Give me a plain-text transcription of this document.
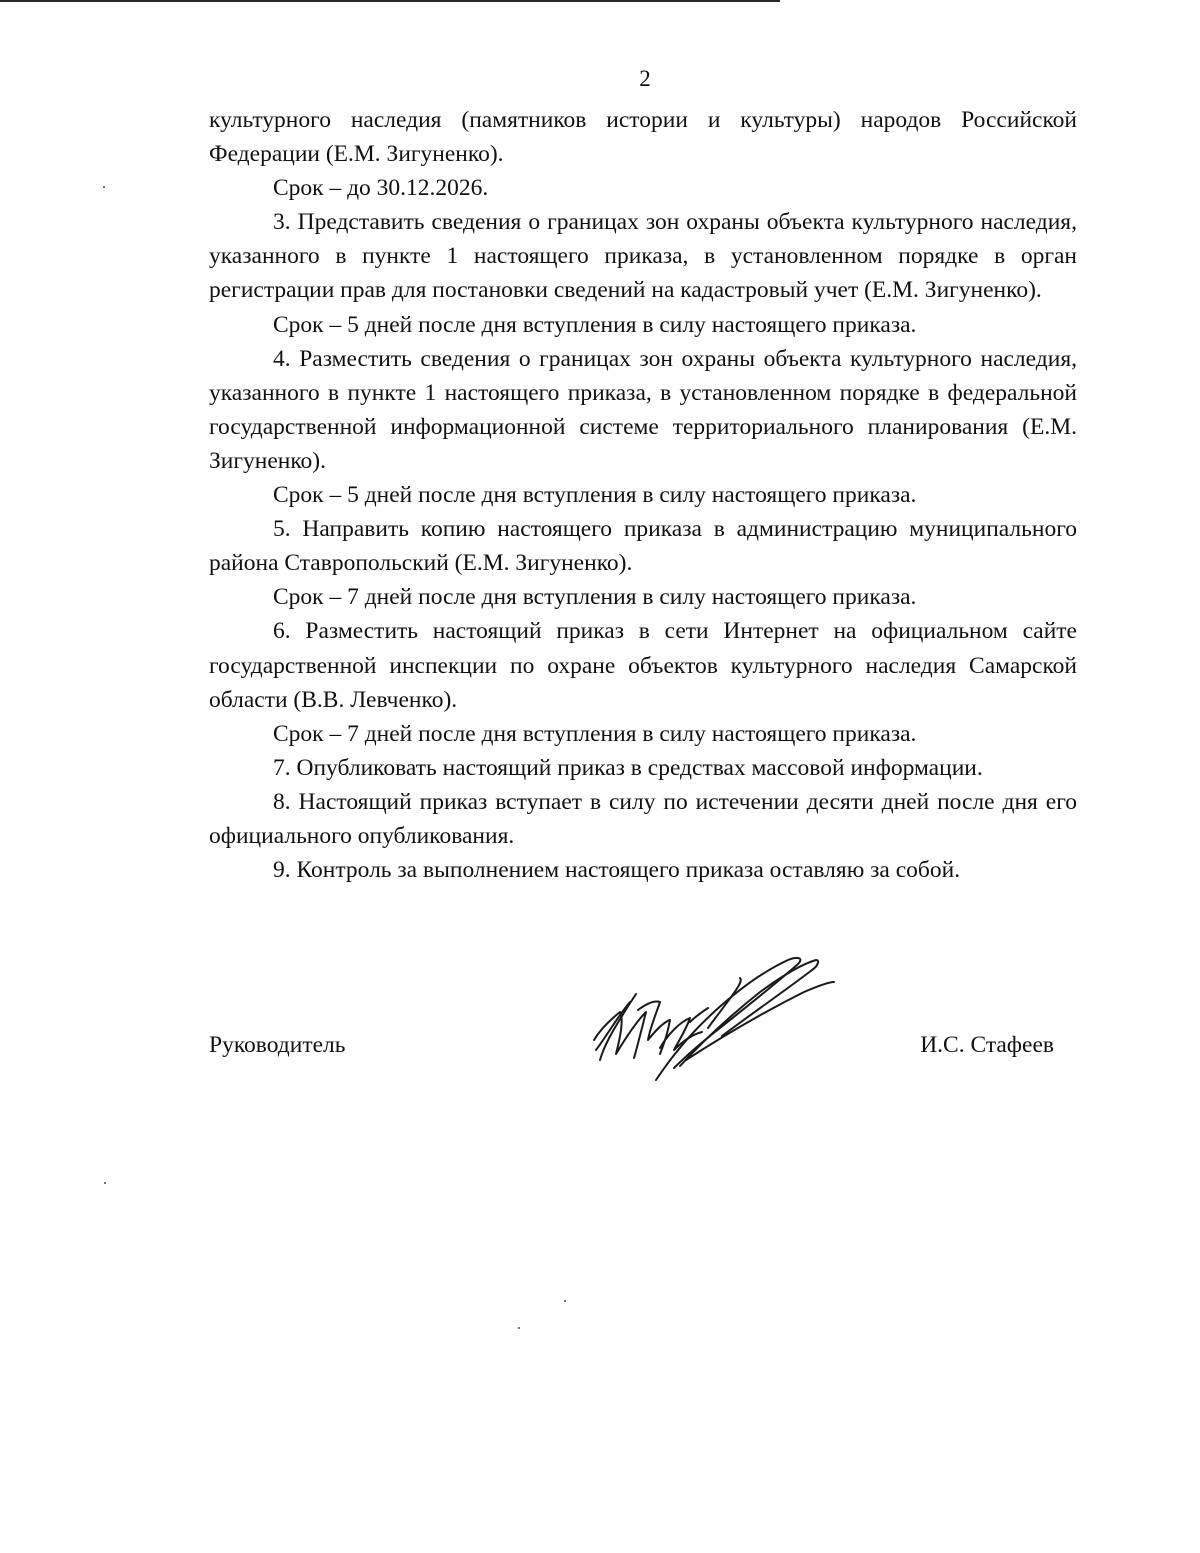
2

культурного наследия (памятников истории и культуры) народов Российской Федерации (Е.М. Зигуненко).

Срок – до 30.12.2026.

3. Представить сведения о границах зон охраны объекта культурного наследия, указанного в пункте 1 настоящего приказа, в установленном порядке в орган регистрации прав для постановки сведений на кадастровый учет (Е.М. Зигуненко).

Срок – 5 дней после дня вступления в силу настоящего приказа.

4. Разместить сведения о границах зон охраны объекта культурного наследия, указанного в пункте 1 настоящего приказа, в установленном порядке в федеральной государственной информационной системе территориального планирования (Е.М. Зигуненко).

Срок – 5 дней после дня вступления в силу настоящего приказа.

5. Направить копию настоящего приказа в администрацию муниципального района Ставропольский (Е.М. Зигуненко).

Срок – 7 дней после дня вступления в силу настоящего приказа.

6. Разместить настоящий приказ в сети Интернет на официальном сайте государственной инспекции по охране объектов культурного наследия Самарской области (В.В. Левченко).

Срок – 7 дней после дня вступления в силу настоящего приказа.

7. Опубликовать настоящий приказ в средствах массовой информации.

8. Настоящий приказ вступает в силу по истечении десяти дней после дня его официального опубликования.

9. Контроль за выполнением настоящего приказа оставляю за собой.

Руководитель	И.С. Стафеев
